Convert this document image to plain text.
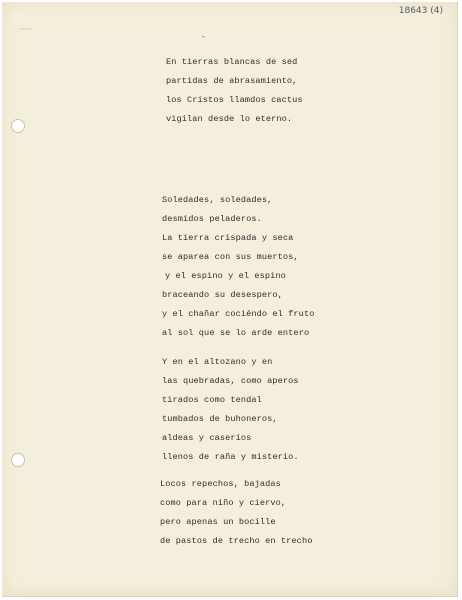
18643 (4)
~~~~
-
En tierras blancas de sed
partidas de abrasamiento,
los Cristos llamdos cactus
vigilan desde lo eterno.
Soledades, soledades,
desmidos peladeros.
La tierra crispada y seca
se aparea con sus muertos,
y el espino y el espino
braceando su desespero,
y el chañar cociéndo el fruto
al sol que se lo arde entero
Y en el altozano y en
las quebradas, como aperos
tirados como tendal
tumbados de buhoneros,
aldeas y caseríos
llenos de raña y misterio.
Locos repechos, bajadas
como para niño y ciervo,
pero apenas un bocille
de pastos de trecho en trecho
